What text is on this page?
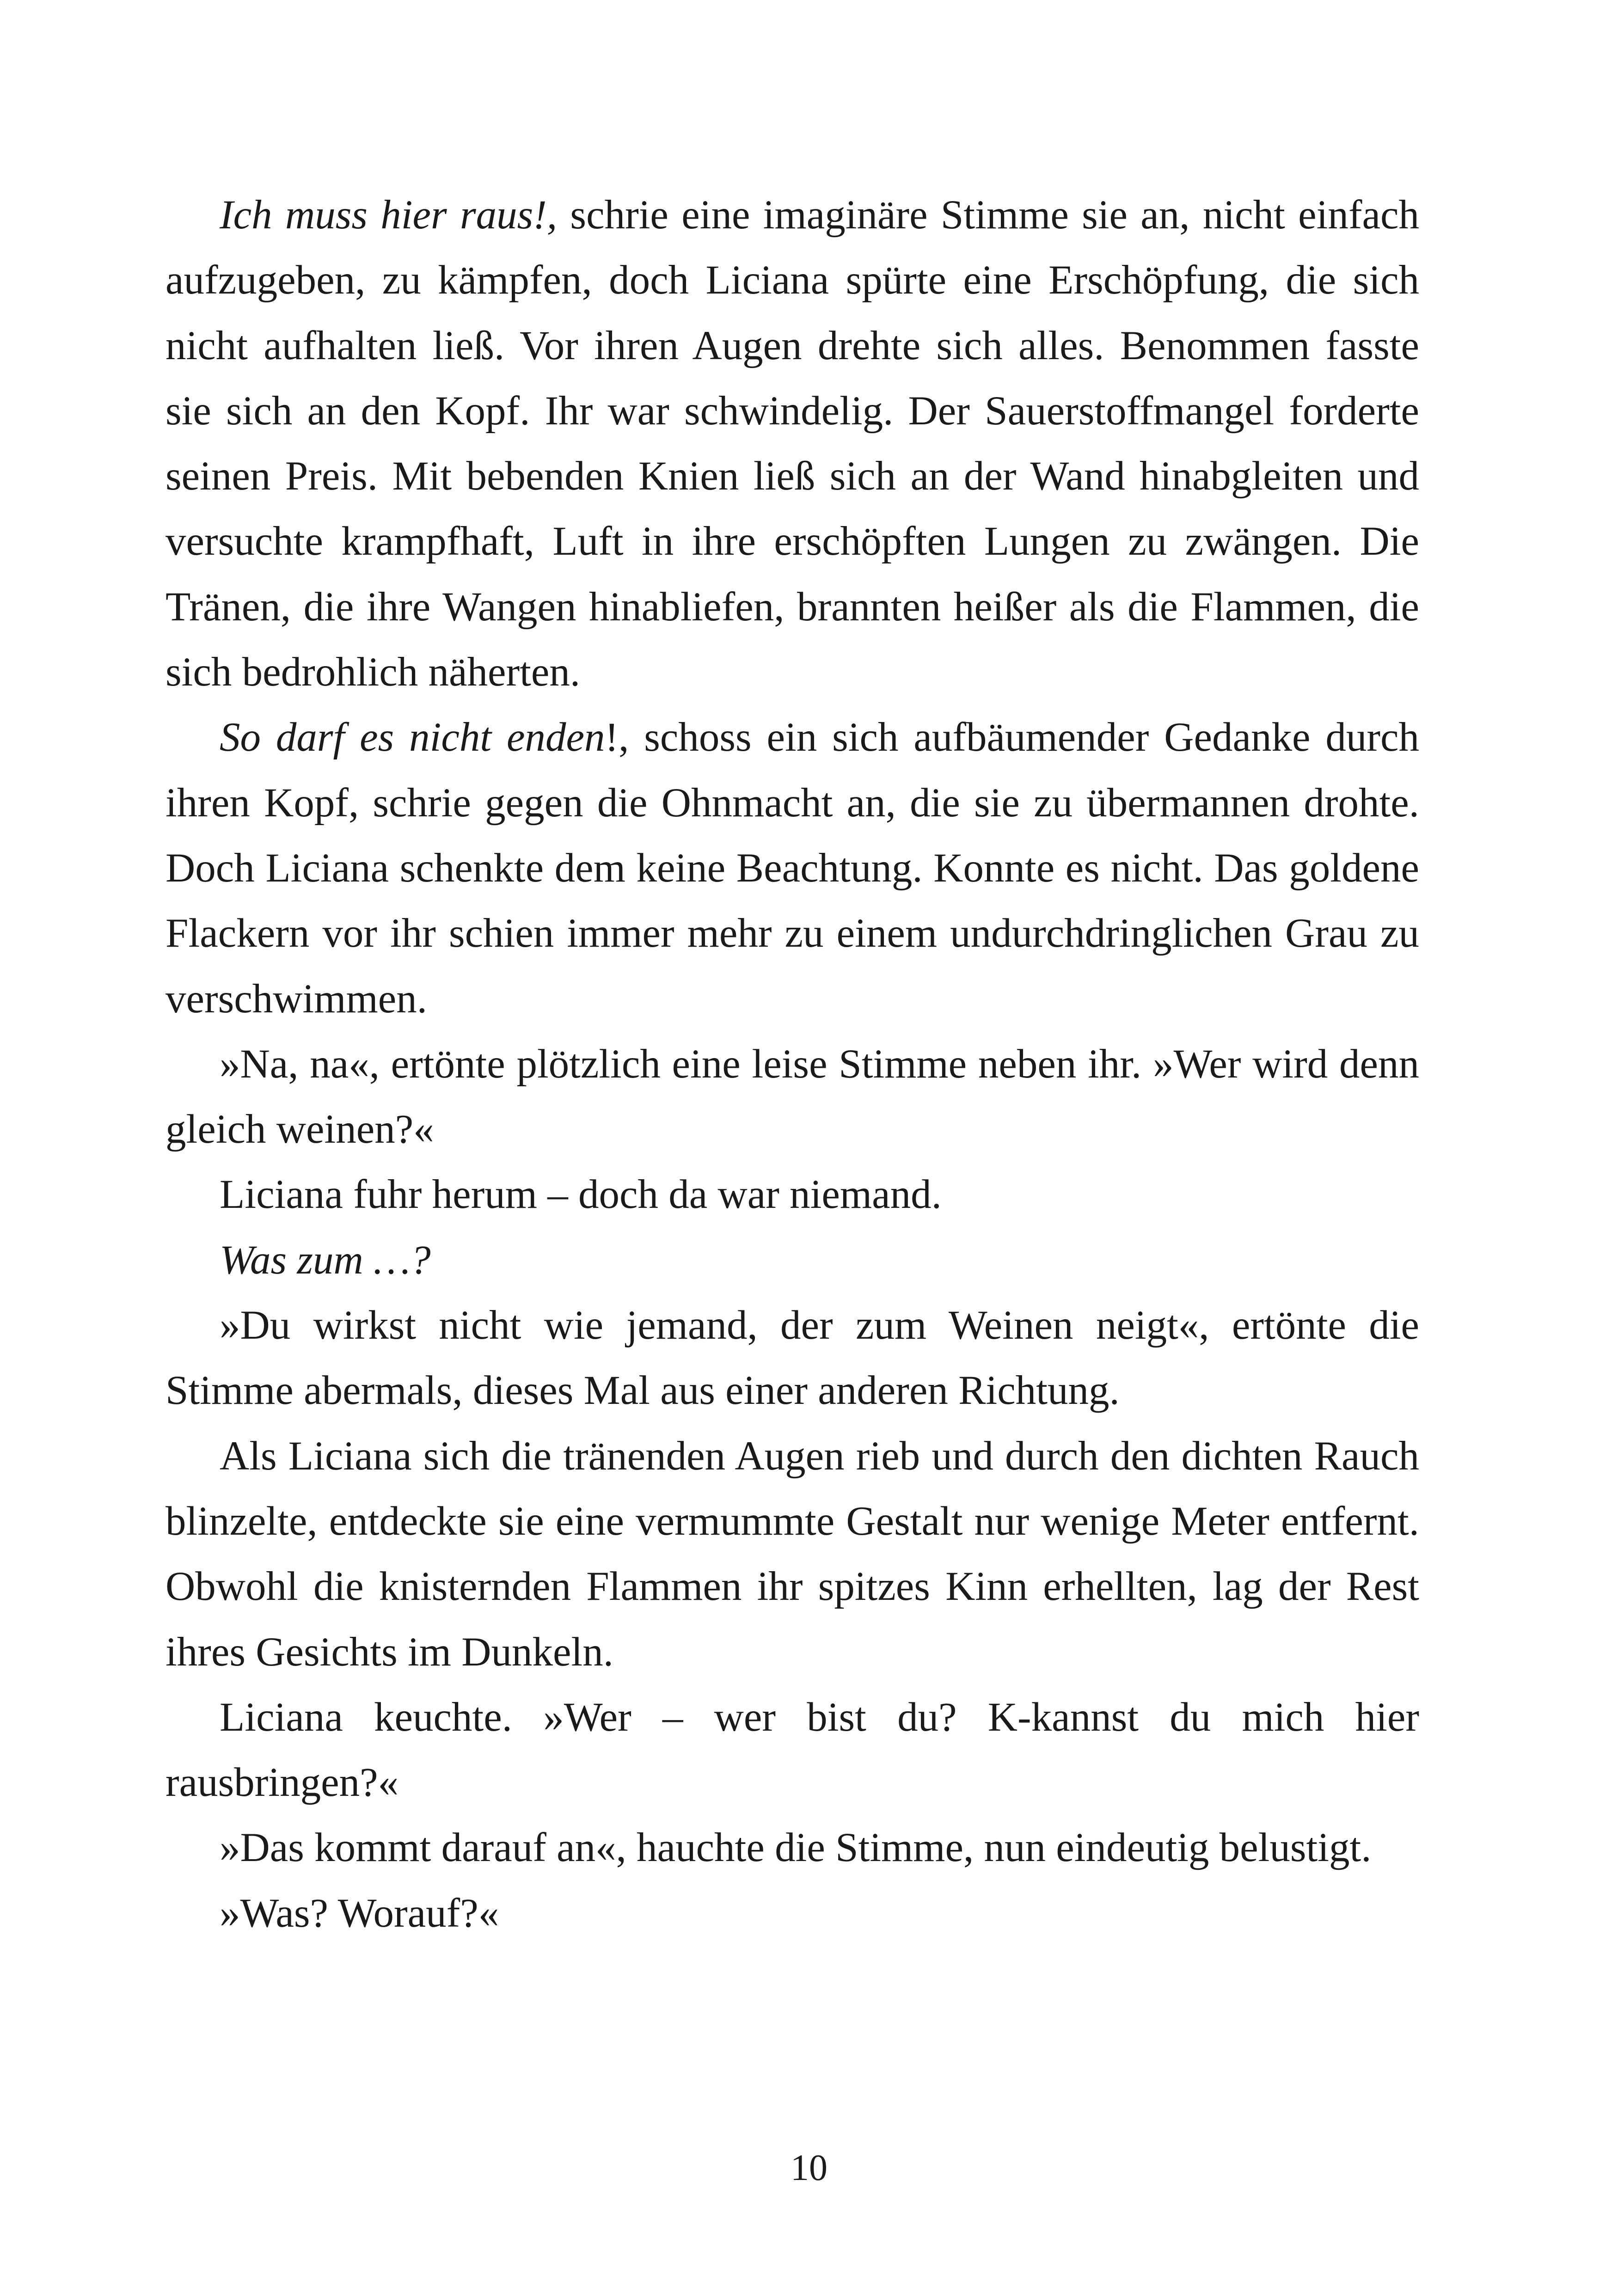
Ich muss hier raus!, schrie eine imaginäre Stimme sie an, nicht einfach aufzugeben, zu kämpfen, doch Liciana spürte eine Erschöpfung, die sich nicht aufhalten ließ. Vor ihren Augen drehte sich alles. Benommen fasste sie sich an den Kopf. Ihr war schwindelig. Der Sauerstoffmangel forderte seinen Preis. Mit bebenden Knien ließ sich an der Wand hinabgleiten und versuchte krampfhaft, Luft in ihre erschöpften Lungen zu zwängen. Die Tränen, die ihre Wangen hinabliefen, brannten heißer als die Flammen, die sich bedrohlich näherten.

So darf es nicht enden!, schoss ein sich aufbäumender Gedanke durch ihren Kopf, schrie gegen die Ohnmacht an, die sie zu übermannen drohte. Doch Liciana schenkte dem keine Beachtung. Konnte es nicht. Das goldene Flackern vor ihr schien immer mehr zu einem undurchdringlichen Grau zu verschwimmen.

»Na, na«, ertönte plötzlich eine leise Stimme neben ihr. »Wer wird denn gleich weinen?«

Liciana fuhr herum – doch da war niemand.

Was zum …?

»Du wirkst nicht wie jemand, der zum Weinen neigt«, ertönte die Stimme abermals, dieses Mal aus einer anderen Richtung.

Als Liciana sich die tränenden Augen rieb und durch den dichten Rauch blinzelte, entdeckte sie eine vermummte Gestalt nur wenige Meter entfernt. Obwohl die knisternden Flammen ihr spitzes Kinn erhellten, lag der Rest ihres Gesichts im Dunkeln.

Liciana keuchte. »Wer – wer bist du? K-kannst du mich hier rausbringen?«

»Das kommt darauf an«, hauchte die Stimme, nun eindeutig belustigt.

»Was? Worauf?«

10
